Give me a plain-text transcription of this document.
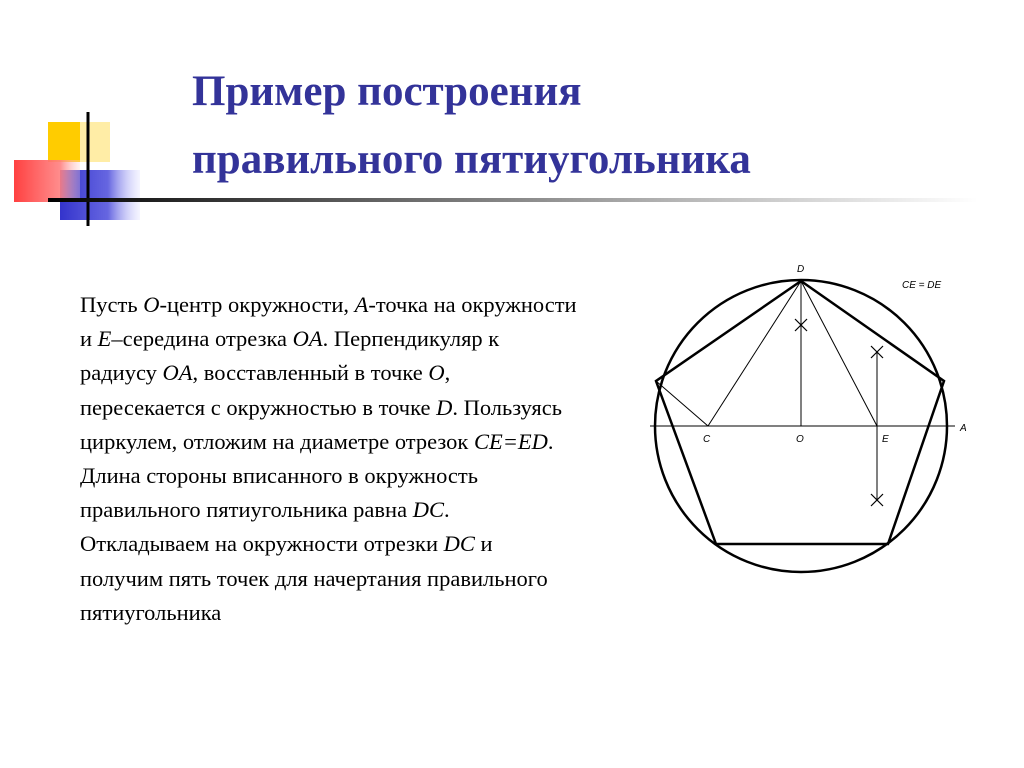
Пример построения
правильного пятиугольника
Пусть O-центр окружности, A-точка на окружности и E–середина отрезка OA. Перпендикуляр к радиусу OA, восставленный в точке O, пересекается с окружностью в точке D. Пользуясь циркулем, отложим на диаметре отрезок CE=ED. Длина стороны вписанного в окружность правильного пятиугольника равна DC. Откладываем на окружности отрезки DC и получим пять точек для начертания правильного пятиугольника
D
C	O	E
A
CE = DE
